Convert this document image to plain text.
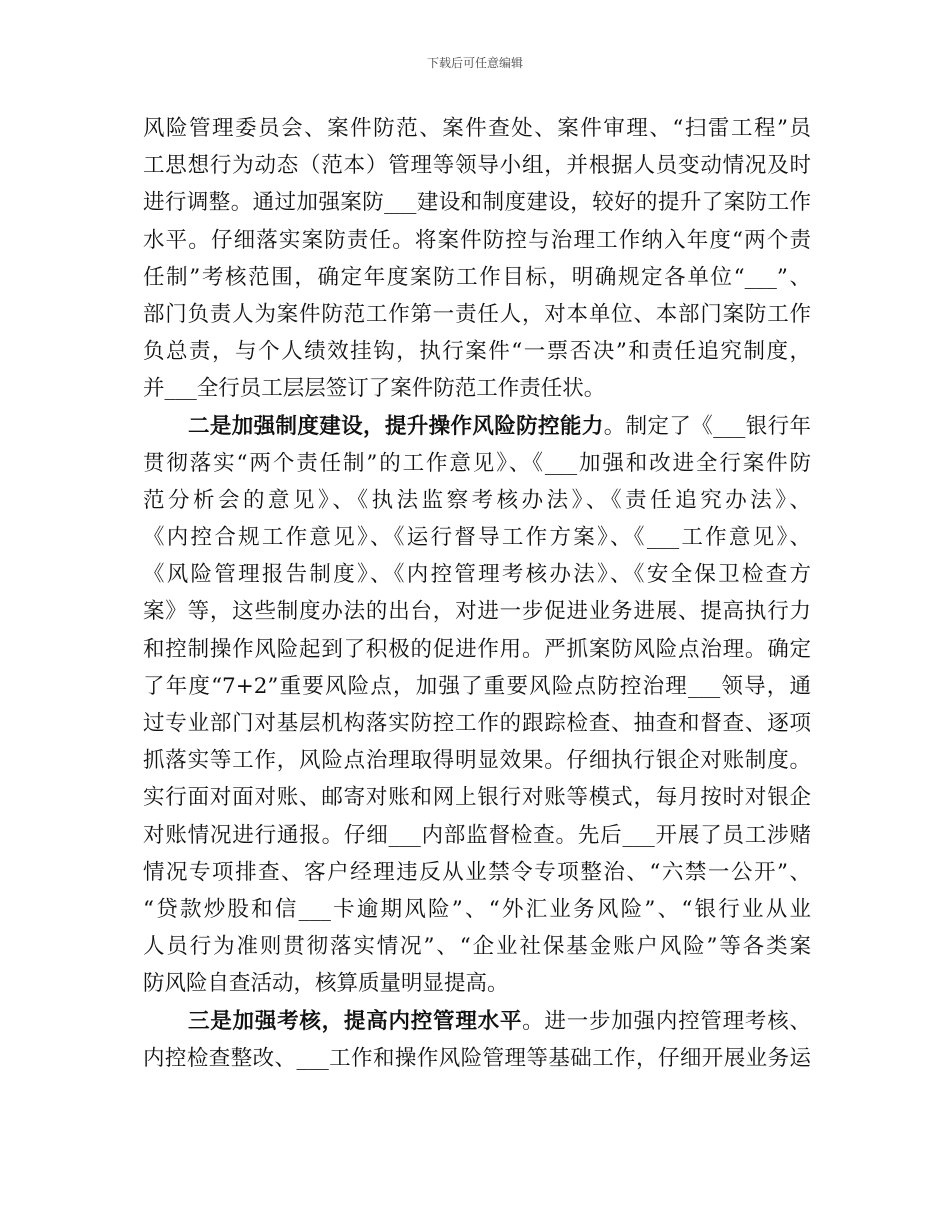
下载后可任意编辑
风险管理委员会、案件防范、案件查处、案件审理、“扫雷工程”员
工思想行为动态（范本）管理等领导小组，并根据人员变动情况及时
进行调整。通过加强案防___建设和制度建设，较好的提升了案防工作
水平。仔细落实案防责任。将案件防控与治理工作纳入年度“两个责
任制”考核范围，确定年度案防工作目标，明确规定各单位“___”、
部门负责人为案件防范工作第一责任人，对本单位、本部门案防工作
负总责，与个人绩效挂钩，执行案件“一票否决”和责任追究制度，
并___全行员工层层签订了案件防范工作责任状。
二是加强制度建设，提升操作风险防控能力。制定了《___银行年
贯彻落实“两个责任制”的工作意见》、《___加强和改进全行案件防
范分析会的意见》、《执法监察考核办法》、《责任追究办法》、
《内控合规工作意见》、《运行督导工作方案》、《___工作意见》、
《风险管理报告制度》、《内控管理考核办法》、《安全保卫检查方
案》等，这些制度办法的出台，对进一步促进业务进展、提高执行力
和控制操作风险起到了积极的促进作用。严抓案防风险点治理。确定
了年度“7+2”重要风险点，加强了重要风险点防控治理___领导，通
过专业部门对基层机构落实防控工作的跟踪检查、抽查和督查、逐项
抓落实等工作，风险点治理取得明显效果。仔细执行银企对账制度。
实行面对面对账、邮寄对账和网上银行对账等模式，每月按时对银企
对账情况进行通报。仔细___内部监督检查。先后___开展了员工涉赌
情况专项排查、客户经理违反从业禁令专项整治、“六禁一公开”、
“贷款炒股和信___卡逾期风险”、“外汇业务风险”、“银行业从业
人员行为准则贯彻落实情况”、“企业社保基金账户风险”等各类案
防风险自查活动，核算质量明显提高。
三是加强考核，提高内控管理水平。进一步加强内控管理考核、
内控检查整改、___工作和操作风险管理等基础工作，仔细开展业务运
